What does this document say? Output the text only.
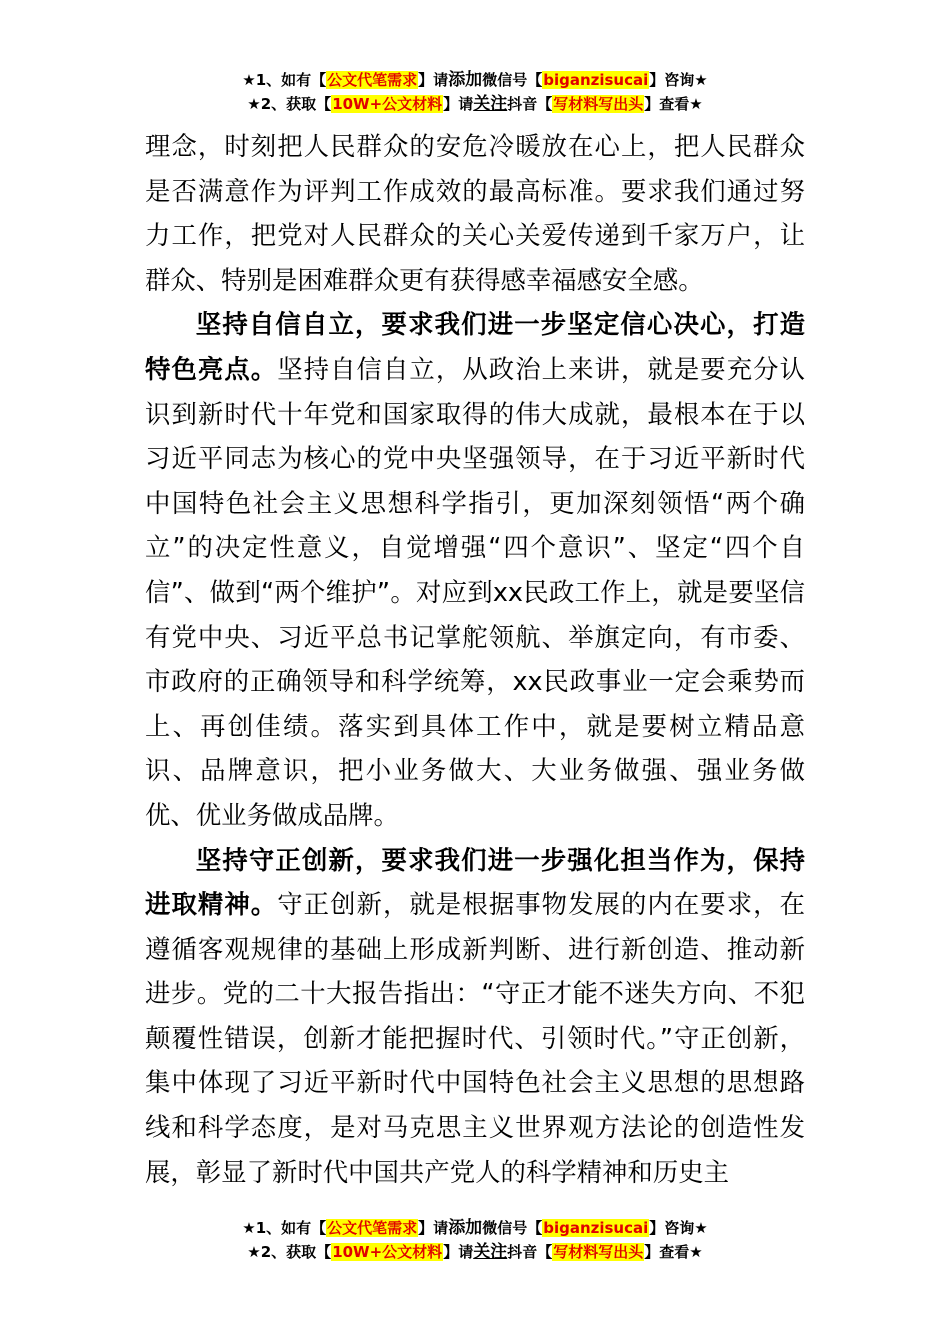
★1、如有【公文代笔需求】请添加微信号【biganzisucai】咨询★
★2、获取【10W+公文材料】请关注抖音【写材料写出头】查看★

理念，时刻把人民群众的安危冷暖放在心上，把人民群众是否满意作为评判工作成效的最高标准。要求我们通过努力工作，把党对人民群众的关心关爱传递到千家万户，让群众、特别是困难群众更有获得感幸福感安全感。

坚持自信自立，要求我们进一步坚定信心决心，打造特色亮点。坚持自信自立，从政治上来讲，就是要充分认识到新时代十年党和国家取得的伟大成就，最根本在于以习近平同志为核心的党中央坚强领导，在于习近平新时代中国特色社会主义思想科学指引，更加深刻领悟“两个确立”的决定性意义，自觉增强“四个意识”、坚定“四个自信”、做到“两个维护”。对应到xx民政工作上，就是要坚信有党中央、习近平总书记掌舵领航、举旗定向，有市委、市政府的正确领导和科学统筹，xx民政事业一定会乘势而上、再创佳绩。落实到具体工作中，就是要树立精品意识、品牌意识，把小业务做大、大业务做强、强业务做优、优业务做成品牌。

坚持守正创新，要求我们进一步强化担当作为，保持进取精神。守正创新，就是根据事物发展的内在要求，在遵循客观规律的基础上形成新判断、进行新创造、推动新进步。党的二十大报告指出：“守正才能不迷失方向、不犯颠覆性错误，创新才能把握时代、引领时代。”守正创新，集中体现了习近平新时代中国特色社会主义思想的思想路线和科学态度，是对马克思主义世界观方法论的创造性发展，彰显了新时代中国共产党人的科学精神和历史主

★1、如有【公文代笔需求】请添加微信号【biganzisucai】咨询★
★2、获取【10W+公文材料】请关注抖音【写材料写出头】查看★
